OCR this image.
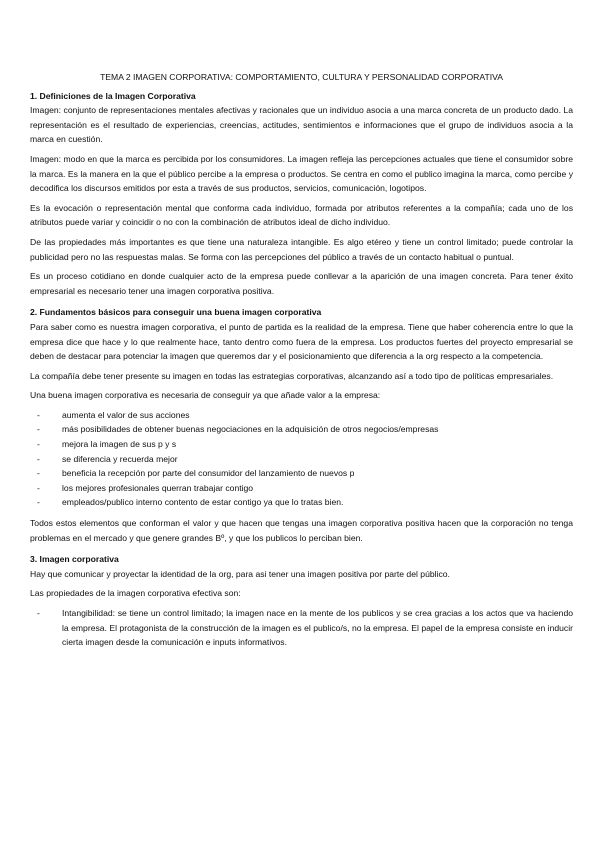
TEMA 2 IMAGEN CORPORATIVA: COMPORTAMIENTO, CULTURA Y PERSONALIDAD CORPORATIVA
1. Definiciones de la Imagen Corporativa

Imagen: conjunto de representaciones mentales afectivas y racionales que un individuo asocia a una marca concreta de un producto dado. La representación es el resultado de experiencias, creencias, actitudes, sentimientos e informaciones que el grupo de individuos asocia a la marca en cuestión.

Imagen: modo en que la marca es percibida por los consumidores. La imagen refleja las percepciones actuales que tiene el consumidor sobre la marca. Es la manera en la que el público percibe a la empresa o productos. Se centra en como el publico imagina la marca, como percibe y decodifica los discursos emitidos por esta a través de sus productos, servicios, comunicación, logotipos.

Es la evocación o representación mental que conforma cada individuo, formada por atributos referentes a la compañía; cada uno de los atributos puede variar y coincidir o no con la combinación de atributos ideal de dicho individuo.

De las propiedades más importantes es que tiene una naturaleza intangible. Es algo etéreo y tiene un control limitado; puede controlar la publicidad pero no las respuestas malas. Se forma con las percepciones del público a través de un contacto habitual o puntual.

Es un proceso cotidiano en donde cualquier acto de la empresa puede conllevar a la aparición de una imagen concreta. Para tener éxito empresarial es necesario tener una imagen corporativa positiva.

2. Fundamentos básicos para conseguir una buena imagen corporativa

Para saber como es nuestra imagen corporativa, el punto de partida es la realidad de la empresa. Tiene que haber coherencia entre lo que la empresa dice que hace y lo que realmente hace, tanto dentro como fuera de la empresa. Los productos fuertes del proyecto empresarial se deben de destacar para potenciar la imagen que queremos dar y el posicionamiento que diferencia a la org respecto a la competencia.

La compañía debe tener presente su imagen en todas las estrategias corporativas, alcanzando así a todo tipo de políticas empresariales.

Una buena imagen corporativa es necesaria de conseguir ya que añade valor a la empresa:

- aumenta el valor de sus acciones
- más posibilidades de obtener buenas negociaciones en la adquisición de otros negocios/empresas
- mejora la imagen de sus p y s
- se diferencia y recuerda mejor
- beneficia la recepción por parte del consumidor del lanzamiento de nuevos p
- los mejores profesionales querran trabajar contigo
- empleados/publico interno contento de estar contigo ya que lo tratas bien.

Todos estos elementos que conforman el valor y que hacen que tengas una imagen corporativa positiva hacen que la corporación no tenga problemas en el mercado y que genere grandes Bº, y que los publicos lo perciban bien.

3. Imagen corporativa

Hay que comunicar y proyectar la identidad de la org, para asi tener una imagen positiva por parte del público.

Las propiedades de la imagen corporativa efectiva son:

- Intangibilidad: se tiene un control limitado; la imagen nace en la mente de los publicos y se crea gracias a los actos que va haciendo la empresa. El protagonista de la construcción de la imagen es el publico/s, no la empresa. El papel de la empresa consiste en inducir cierta imagen desde la comunicación e inputs informativos.
